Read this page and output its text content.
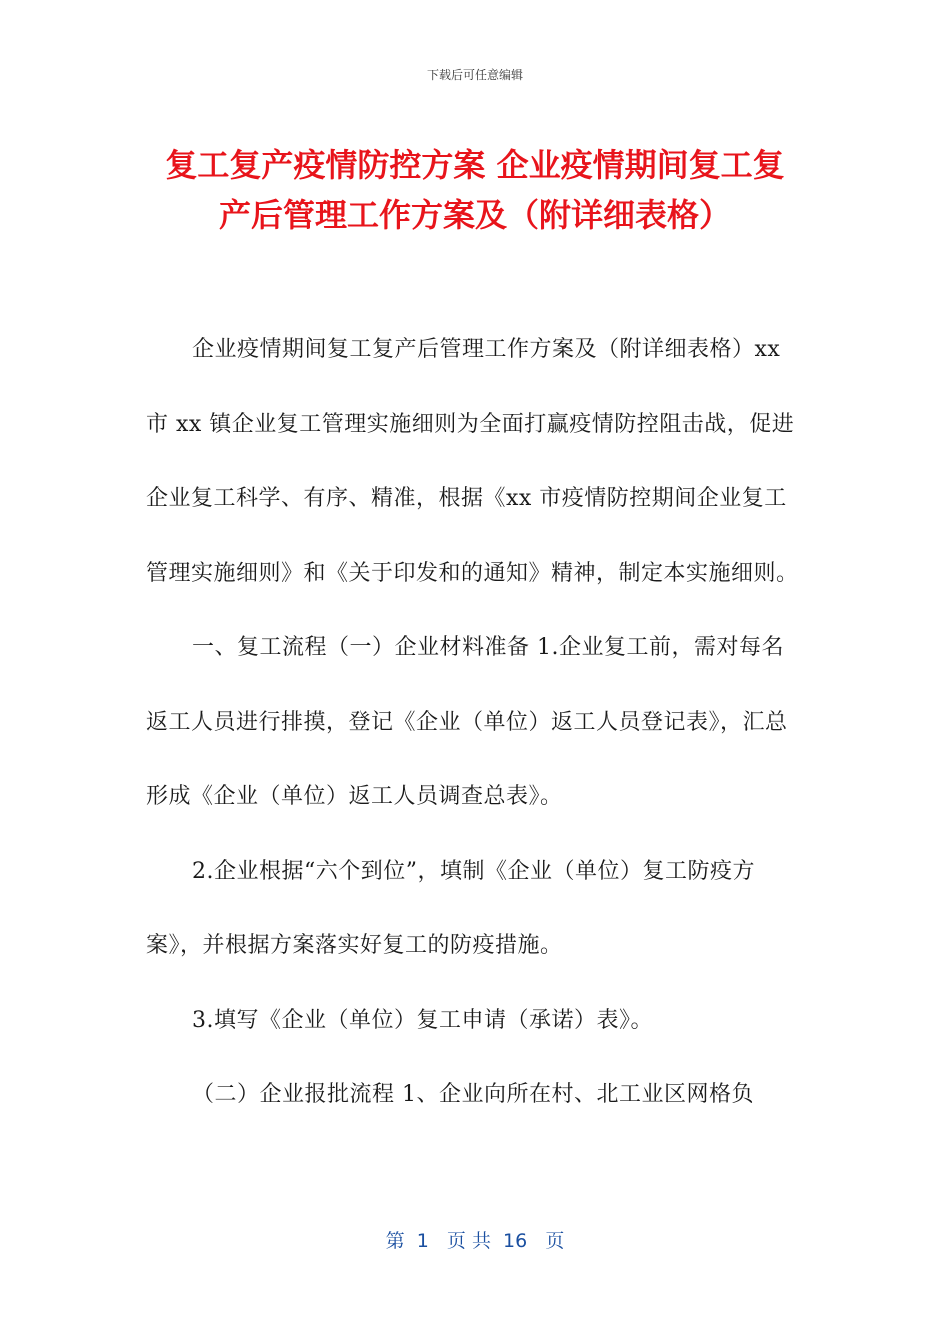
下载后可任意编辑
复工复产疫情防控方案 企业疫情期间复工复
产后管理工作方案及（附详细表格）

企业疫情期间复工复产后管理工作方案及（附详细表格）xx 市 xx 镇企业复工管理实施细则为全面打赢疫情防控阻击战，促进企业复工科学、有序、精准，根据《xx 市疫情防控期间企业复工管理实施细则》和《关于印发和的通知》精神，制定本实施细则。

一、复工流程（一）企业材料准备 1.企业复工前，需对每名返工人员进行排摸，登记《企业（单位）返工人员登记表》，汇总形成《企业（单位）返工人员调查总表》。

2.企业根据“六个到位”，填制《企业（单位）复工防疫方案》，并根据方案落实好复工的防疫措施。

3.填写《企业（单位）复工申请（承诺）表》。

（二）企业报批流程 1、企业向所在村、北工业区网格负

第  1   页 共  16   页
